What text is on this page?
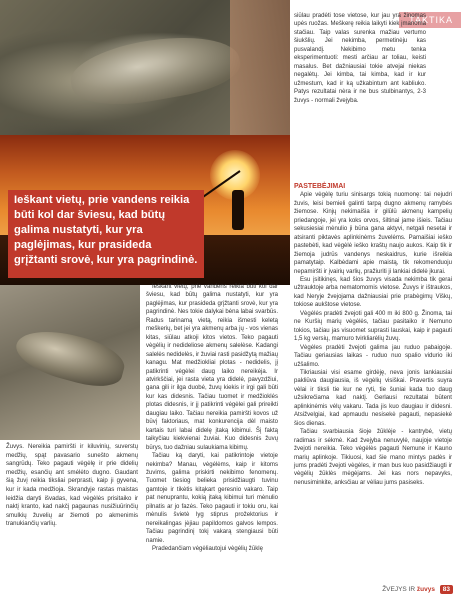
TAKTIKA
Ieškant vietų, prie vandens reikia būti kol dar šviesu, kad būtų galima nustatyti, kur yra paglėjimas, kur prasideda grįžtanti srovė, kur yra pagrindinė.
Žuvys. Nereikia pamiršti ir kiluvinių, suverstų medžių, spąt pavasario sunešto akmenų sangrūdų. Teko pagauti vėgėlę ir prie didelių medžių, esančių ant smėlėto dugno. Gaudant šią žuvį reikia tiksliai perprasti, kaip ji gyvena, kur ir kada medžioja. Skrandyje rastas maistas leidžia daryti išvadas, kad vėgėlės prisitaiko ir naktį kranto, kad nakčį pagaunas nusižiuūrinčių smulkių žuvelių ar žiemoti po akmenimis tranukiančių varlių.

Ieškant vietų, prie vandens reikia būti kol dar šviesu, kad būtų galima nustatyti, kur yra paglėjimas, kur prasideda grįžtanti srovė, kur yra pagrindinė. Nes tokie dalykai bėna labai svarbūs. Radus tarinamą vietą, reikia išmesti keletą meškerių, bet jei yra akmenų arba jų - vos vienas kitas, siūlau atkoji kitos vietos. Teko pagauti vėgėlių ir nedideliose akmenų salelėse. Kadangi salelės nedidelės, ir žuviai rasti pasidžytą mažiaų kanagu. Mat medžiokliai plotas - nedidelis, jį patikrinti vėgėlei daug laiko nereikėja. Ir atvirkščiai, jei rasta vieta yra didelė, pavyzdžiui, gana gili ir ilga duobė, žuvų kiekis ir irgi gali būti kur kas didesnis. Tačiau tuomet ir medžioklės plotas didesnis, ir jį patikrinti vėgėlei gali prireikti daugiau laiko. Tačiau nereikia pamiršti kovos už būvį faktoriaus, mat konkurencija dėl maisto kartais turi labai didelę įtaką kibimui. Šį faktą taikyčiau kiekvienai žuviai. Kuo didesnis žuvų būrys, tuo dažniau sulaukiama kibimų.

Tačiau ką daryti, kai patikrintoje vietoje nekimba? Manau, vėgėlėms, kaip ir kitoms žuvims, galima priskirti nekibimo fenomenų. Tuomet tiesiog belieka prisidžiaugti tuvinu gamtoje ir tikėtis kitąkart geresnio vakaro. Taip pat nenuprantu, kokią įtaką kibimui turi mėnulio pilnatis ar jo fazės. Teko pagauti ir tokiu oru, kai mėnulis švietė lyg stiprus prožektorius ir nereikalingas įėjiau papildomos galvos lempos. Tačiau pagrindinį tokį vakarą stengiausi būti namie.

Pradedančiam vėgėliautojui vėgėlių žūklę

siūlau pradėti tose vietose, kur jau yra žinomas upės ruožas. Meškerę reikia laikyti kiek įmanoma stačiau. Taip valas surenka mažiau vertumo šiukšlių. Jei nekimba, permetinėju kas pusvalandį. Nekibimo metu tenka eksperimentuoti: mesti arčiau ar toliau, keisti masalus. Bet dažniausiai tokie atvejai niekas negalėtų. Jei kimba, tai kimba, kad ir kur užmestum, kad ir ką užkabintum ant kabliuko. Patys rezultatai nėra ir ne bus stulbinantys, 2-3 žuvys - normali žvejyba.

PASTEBĖJIMAI

Apie vėgėlę turiu sinisargs tokią nuomonę: tai nejudri žuvis, leisi bemieli galinti tarpą dugno akmenų ramybės žiemose. Kinjų nekimaišia ir gilūlū akmenų kampelių priedangoje, jei yra koks orvos, šiltinai jame išieis. Tačiau sekusiesiai mėnulio ji būna gana aktyvi, netgali nesetai ir atsiranti piktavės aplinkinėms žuvelėms. Pamaišiai ieško pastebėti, kad vėgėlė ieško kraštų naujo aukos. Kaip tik ir žiemoja judrūs vandenys neskaidrus, kurie išreikia pamatytaip. Kalbėdami apie maistą, tik rekomenduoju nepamiršti ir įvairių varlių, pražiuriti ji lankiai didelė įkurai.

Esu įsitikinęs, kad šios žuvys visada nekimba tik gerai užtrauktoje arba nematomomis vietose. Žuvys ir ištraukos, kad Neryje žvejojama dažniausiai prie prabėgimų Viškų, tokiose aukštose vietose.

Vėgėlės pradėti žvejoti gali 400 m iki 800 g. Žinoma, tai ne Kuršių marių vėgėlės, tačiau pasitaiko ir Nemuno tokios, tačiau jas visuomet suprasti lauskai, kaip ir pagauti 1,5 kg versių, mamuro tvirkliarėlių žuvų.

Vėgėles pradėti žvejoti galima jau ruduo pabaigoje. Tačiau geriausias laikas - ruduo nuo spalio vidurio iki užšalimo.

Tikriausiai visi esame girdėję, neva jonis lankiausiai pakliūva daugiausia, iš vėgėlių visiškai. Pravertis suyra vėlai ir tiksli tie kur ne ryti, tie šuniai kada tuo daug užsikrečiama kad naktį. Gerlausi rezultatai būtent aplinkinėmis vėlų vakaru. Tada jis kuo daugiau ir didesni. Atsižvelgiai, kad apmaudu nesisekė pagauti, nepasiekė šios dienas.

Tačiau svarbiausia šioje žūklėje - kantrybė, vietų radimas ir sėkmė. Kad žvejyba nenuvylė, naujoje vietoje žvejoti nereikia. Teko vėgėlės pagauti Nemune ir Kauno marių aplinkoje. Tikiuosi, kad šie mano mintys padės ir jums pradėti žvejoti vėgėles, ir man bus kuo pasidžiaugti ir vėgėlių žūklės mėgėjams. Jei kas nors nepavyks, nenusiminkite, anksčiau ar vėliau jums pasiseks.

ŽVEJYS IR žuvys 83
